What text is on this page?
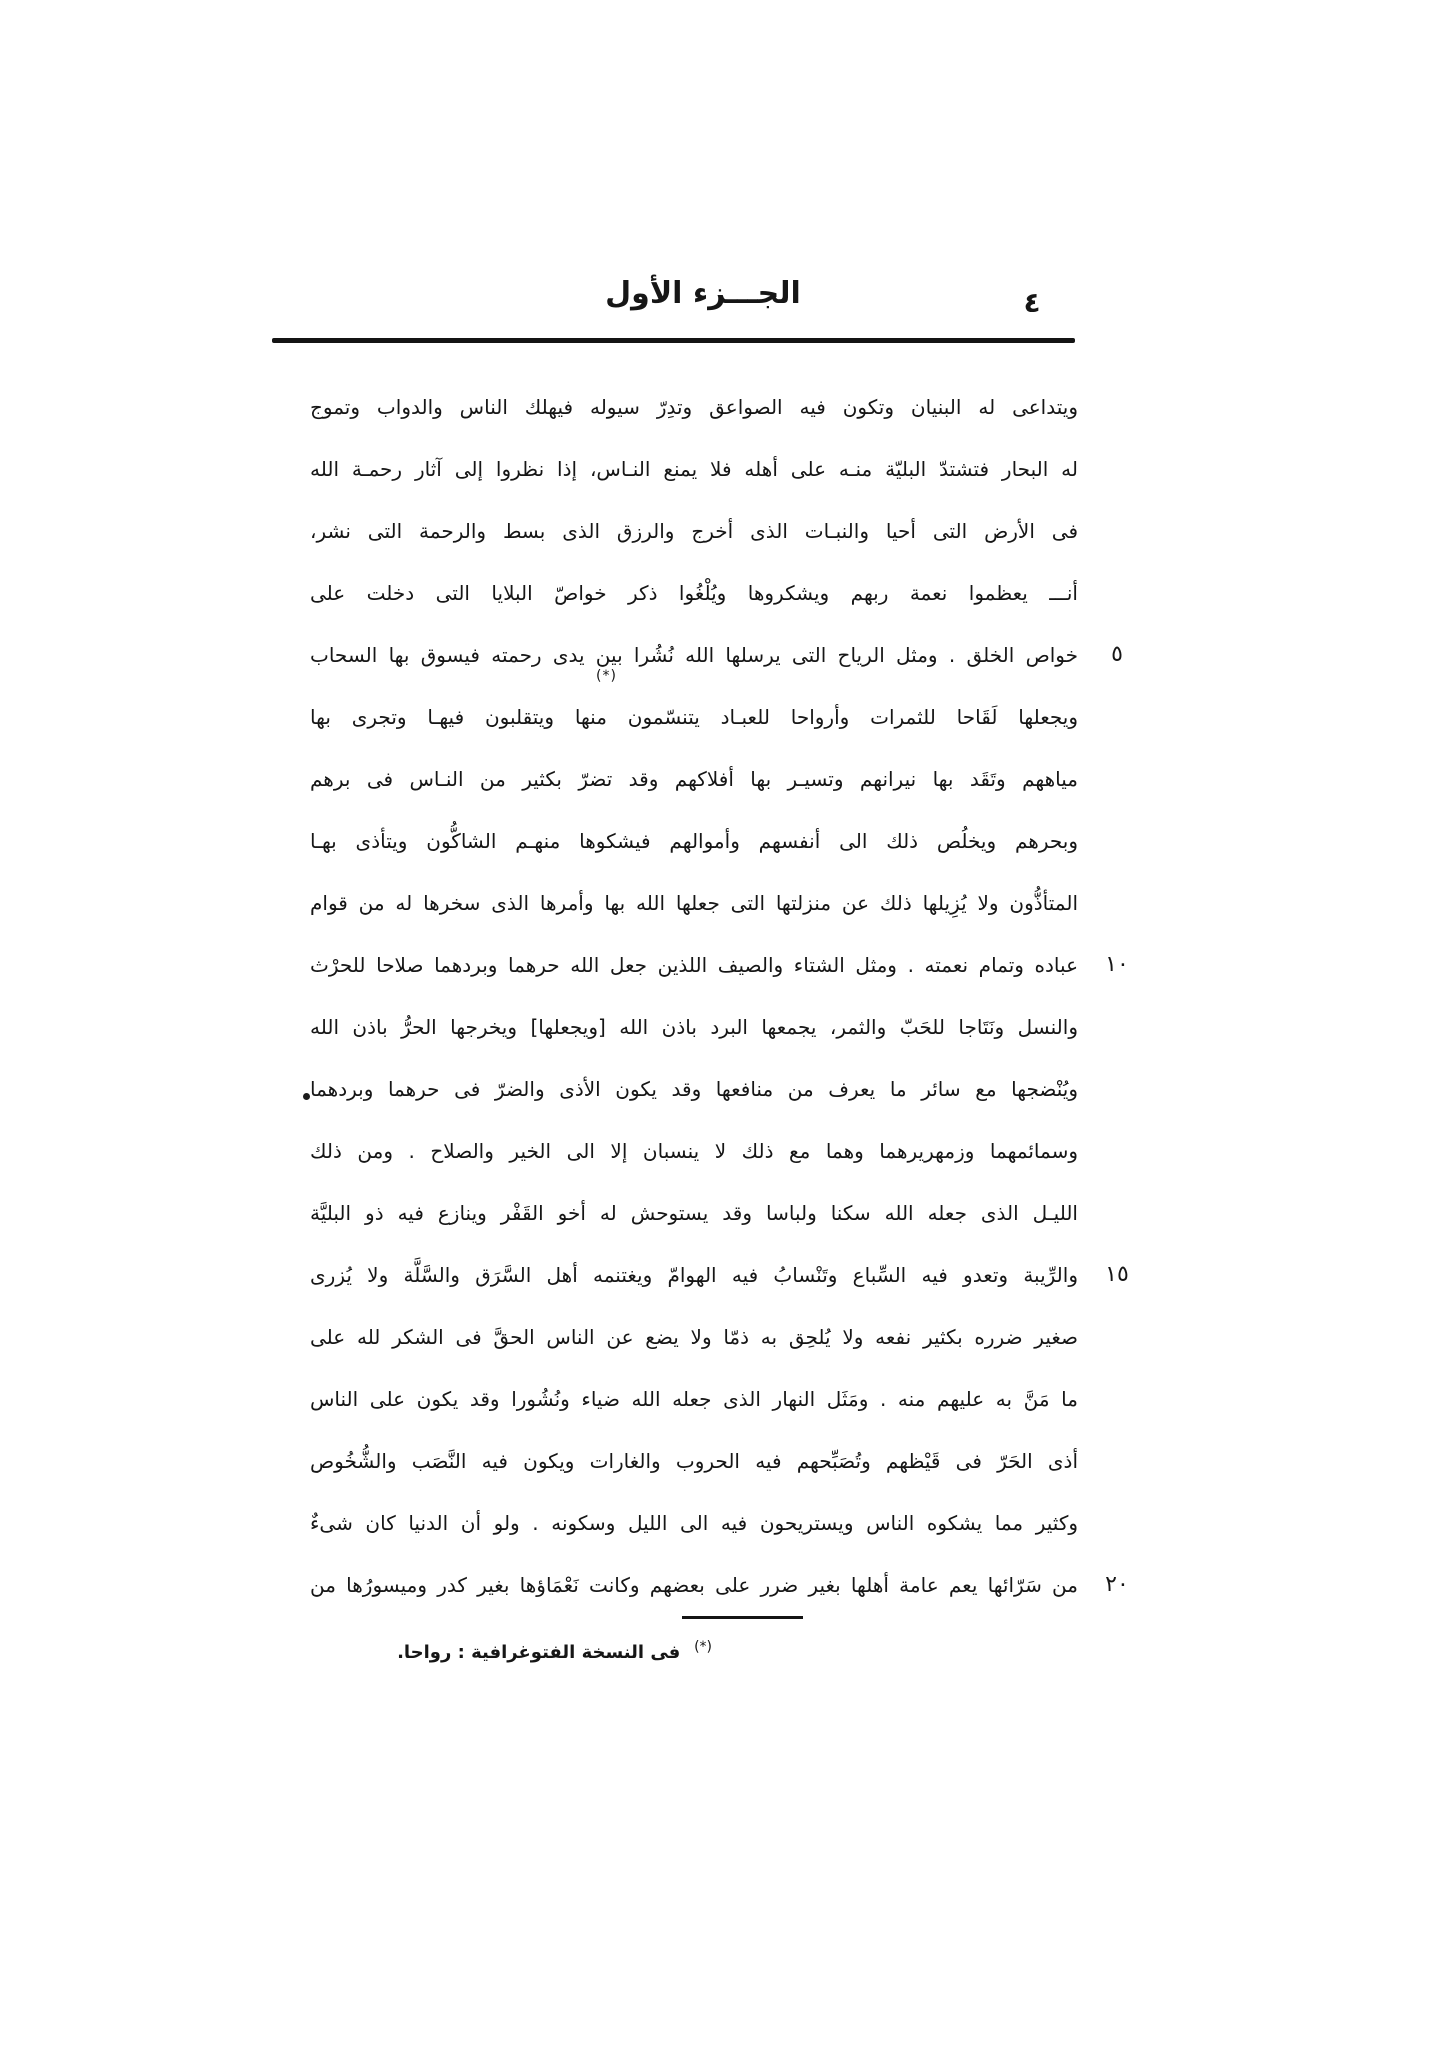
الجـــزء الأول	٤
ويتداعى له البنيان وتكون فيه الصواعق وتدِرّ سيوله فيهلك الناس والدواب وتموج
له البحار فتشتدّ البليّة منـه على أهله فلا يمنع النـاس، إذا نظروا إلى آثار رحمـة الله
فى الأرض التى أحيا والنبـات الذى أخرج والرزق الذى بسط والرحمة التى نشر،
أنـــ يعظموا نعمة ربهم ويشكروها ويُلْغُوا ذكر خواصّ البلايا التى دخلت على
خواص الخلق . ومثل الرياح التى يرسلها الله نُشُرا بين يدى رحمته فيسوق بها السحاب
ويجعلها لَقَاحا للثمرات وأرواحا للعبـاد يتنسّمون منها ويتقلبون فيهـا وتجرى بها
مياههم وتَقَد بها نيرانهم وتسيـر بها أفلاكهم وقد تضرّ بكثير من النـاس فى برهم
وبحرهم ويخلُص ذلك الى أنفسهم وأموالهم فيشكوها منهـم الشاكُّون ويتأذى بهـا
المتأذُّون ولا يُزِيلها ذلك عن منزلتها التى جعلها الله بها وأمرها الذى سخرها له من قوام
عباده وتمام نعمته . ومثل الشتاء والصيف اللذين جعل الله حرهما وبردهما صلاحا للحرْث
والنسل ونَتَاجا للحَبّ والثمر، يجمعها البرد باذن الله [ويجعلها] ويخرجها الحرُّ باذن الله
ويُنْضجها مع سائر ما يعرف من منافعها وقد يكون الأذى والضرّ فى حرهما وبردهما
وسمائمهما وزمهريرهما وهما مع ذلك لا ينسبان إلا الى الخير والصلاح . ومن ذلك
الليـل الذى جعله الله سكنا ولباسا وقد يستوحش له أخو القَفْر وينازع فيه ذو البليَّة
والرِّيبة وتعدو فيه السِّباع وتَنْسابُ فيه الهوامّ ويغتنمه أهل السَّرَق والسَّلَّة ولا يُزرى
صغير ضرره بكثير نفعه ولا يُلحِق به ذمّا ولا يضع عن الناس الحقَّ فى الشكر لله على
ما مَنَّ به عليهم منه . ومَثَل النهار الذى جعله الله ضياء ونُشُورا وقد يكون على الناس
أذى الحَرّ فى قَيْظهم وتُصَبِّحهم فيه الحروب والغارات ويكون فيه النَّصَب والشُّخُوص
وكثير مما يشكوه الناس ويستريحون فيه الى الليل وسكونه . ولو أن الدنيا كان شىءٌ
من سَرّائها يعم عامة أهلها بغير ضرر على بعضهم وكانت نَعْمَاؤها بغير كدر وميسورُها من
٥
١٠
١٥
٢٠
(*)
(*) فى النسخة الفتوغرافية : رواحا.
